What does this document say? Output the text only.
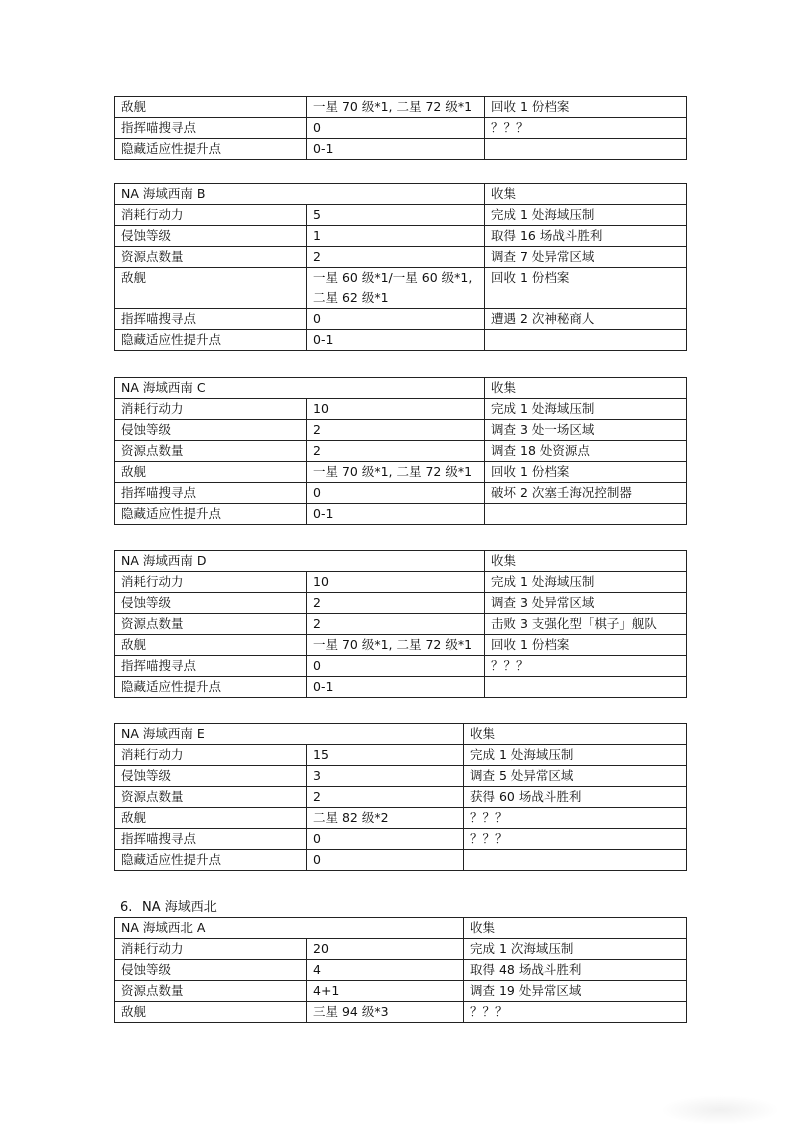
敌舰	一星 70 级*1, 二星 72 级*1	回收 1 份档案
指挥喵搜寻点	0	？？？
隐藏适应性提升点	0-1	
NA 海域西南 B		收集
消耗行动力	5	完成 1 处海域压制
侵蚀等级	1	取得 16 场战斗胜利
资源点数量	2	调查 7 处异常区域
敌舰	一星 60 级*1/一星 60 级*1, 二星 62 级*1	回收 1 份档案
指挥喵搜寻点	0	遭遇 2 次神秘商人
隐藏适应性提升点	0-1	
NA 海域西南 C		收集
消耗行动力	10	完成 1 处海域压制
侵蚀等级	2	调查 3 处一场区域
资源点数量	2	调查 18 处资源点
敌舰	一星 70 级*1, 二星 72 级*1	回收 1 份档案
指挥喵搜寻点	0	破坏 2 次塞壬海况控制器
隐藏适应性提升点	0-1	
NA 海域西南 D		收集
消耗行动力	10	完成 1 处海域压制
侵蚀等级	2	调查 3 处异常区域
资源点数量	2	击败 3 支强化型「棋子」舰队
敌舰	一星 70 级*1, 二星 72 级*1	回收 1 份档案
指挥喵搜寻点	0	？？？
隐藏适应性提升点	0-1	
NA 海域西南 E		收集
消耗行动力	15	完成 1 处海域压制
侵蚀等级	3	调查 5 处异常区域
资源点数量	2	获得 60 场战斗胜利
敌舰	二星 82 级*2	？？？
指挥喵搜寻点	0	？？？
隐藏适应性提升点	0	
6. NA 海域西北
NA 海域西北 A		收集
消耗行动力	20	完成 1 次海域压制
侵蚀等级	4	取得 48 场战斗胜利
资源点数量	4+1	调查 19 处异常区域
敌舰	三星 94 级*3	？？？
